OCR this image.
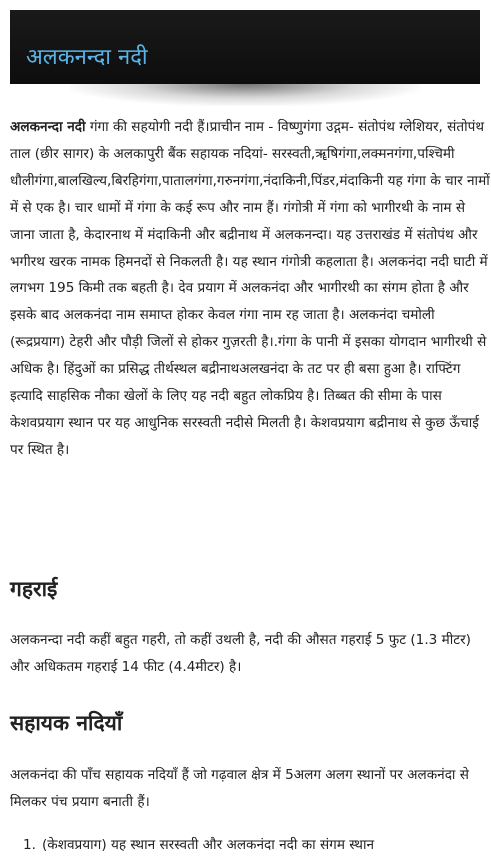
अलकनन्दा नदी

अलकनन्दा नदी गंगा की सहयोगी नदी हैं।प्राचीन नाम - विष्णुगंगा उद्गम- संतोपंथ ग्लेशियर, संतोपंथ ताल (छीर सागर) के अलकापुरी बैंक सहायक नदियां- सरस्वती,ॠषिगंगा,लक्मनगंगा,पश्चिमी धौलीगंगा,बालखिल्य,बिरहिगंगा,पातालगंगा,गरुनगंगा,नंदाकिनी,पिंडर,मंदाकिनी यह गंगा के चार नामों में से एक है। चार धामों में गंगा के कई रूप और नाम हैं। गंगोत्री में गंगा को भागीरथी के नाम से जाना जाता है, केदारनाथ में मंदाकिनी और बद्रीनाथ में अलकनन्दा। यह उत्तराखंड में संतोपंथ और भगीरथ खरक नामक हिमनदों से निकलती है। यह स्थान गंगोत्री कहलाता है। अलकनंदा नदी घाटी में लगभग 195 किमी तक बहती है। देव प्रयाग में अलकनंदा और भागीरथी का संगम होता है और इसके बाद अलकनंदा नाम समाप्त होकर केवल गंगा नाम रह जाता है। अलकनंदा चमोली (रूद्रप्रयाग) टेहरी और पौड़ी जिलों से होकर गुज़रती है।.गंगा के पानी में इसका योगदान भागीरथी से अधिक है। हिंदुओं का प्रसिद्ध तीर्थस्थल बद्रीनाथअलखनंदा के तट पर ही बसा हुआ है। राफ्टिंग इत्यादि साहसिक नौका खेलों के लिए यह नदी बहुत लोकप्रिय है। तिब्बत की सीमा के पास केशवप्रयाग स्थान पर यह आधुनिक सरस्वती नदीसे मिलती है। केशवप्रयाग बद्रीनाथ से कुछ ऊँचाई पर स्थित है।

गहराई

अलकनन्दा नदी कहीं बहुत गहरी, तो कहीं उथली है, नदी की औसत गहराई 5 फुट (1.3 मीटर) और अधिकतम गहराई 14 फीट (4.4मीटर) है।

सहायक नदियाँ

अलकनंदा की पाँच सहायक नदियाँ हैं जो गढ़वाल क्षेत्र में 5अलग अलग स्थानों पर अलकनंदा से मिलकर पंच प्रयाग बनाती हैं।

1. (केशवप्रयाग) यह स्थान सरस्वती और अलकनंदा नदी का संगम स्थान
